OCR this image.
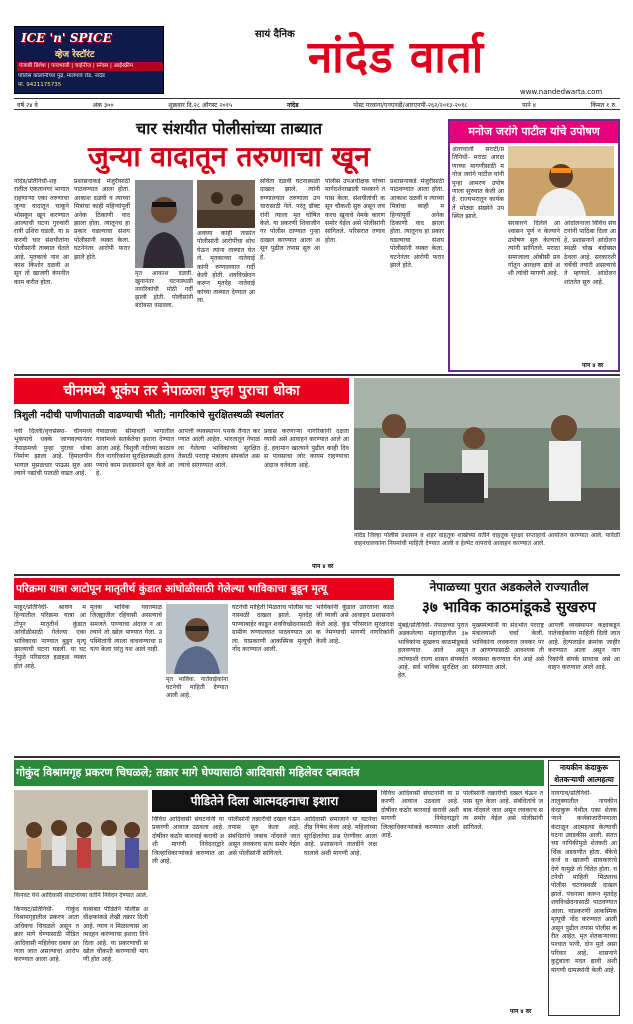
ICE 'n' SPICE
व्हेज रेस्टॉरंट
पंजाबी डिशेश | पावभाजी | चाईनीज | स्नॅक्स | आईस्क्रीम
पोलिस कॉलोनीच्या पुढे, मालेगाव रोड, नांदेड
मो. 9421175735
सायं दैनिक नांदेड वार्ता
www.nandedwarta.com
वर्ष २४ वे	अंक ३००	शुक्रवार दि.२८ ऑगस्ट २०१५	नांदेड	पोस्ट परवाना/एनएनडी/आरएनपी-२६२/२०१३-२०१८	पाने ४	किंमत १ रु.
चार संशयीत पोलीसांच्या ताब्यात
जुन्या वादातून तरुणाचा खून
नांदेड/प्रतिनिधी-शहरातील एकतानगर भागात राहणाऱ्या एका तरुणाचा जुन्या वादातून चाकूने भोसकून खून करण्यात आल्याची घटना गुरुवारी रात्री उशिरा घडली. या प्रकरणी चार संशयीतांना पोलीसांनी ताब्यात घेतले आहे. मृतकाचे नाव आकाश किशोर दळवी असून तो खाजगी कंपनीत काम करीत होता.
प्रशासनाकडे मंजुरीसाठी पाठवण्यात आला होता. आकाश दळवी व त्याच्या मित्रांचा काही महिन्यांपूर्वी अनेक ठिकाणी वाद झाला होता. त्यातूनच हा प्रकार घडल्याचा संशय पोलीसांनी व्यक्त केला. घटनेनंतर आरोपी फरार झाले होते.
मृत आकाश दळवी. खुनानंतर घटनास्थळी नागरिकांची मोठी गर्दी झाली होती. पोलीसांनी बंदोबस्त वाढवला.
अवघ्या काही तासांत पोलीसांनी आरोपींचा शोध घेऊन त्यांना ताब्यात घेतले. मृतकाच्या नातेवाईकांनी रुग्णालयात गर्दी केली होती. शवविच्छेदन करून मृतदेह नातेवाईकांच्या ताब्यात देण्यात आला.
सविता दळवी घटनास्थळी दाखल झाले. त्यांनी रुग्णालयात तरुणाला उपचारासाठी नेले. परंतु डॉक्टरांनी त्याला मृत घोषित केले. या प्रकरणी शिवाजीनगर पोलीस ठाण्यात गुन्हा दाखल करण्यात आला असून पुढील तपास सुरु आहे.
पोलीस उपअधीक्षक यांच्या मार्गदर्शनाखाली पथकाने तपास केला. संशयीतांची कसून चौकशी सुरु असून लवकरच खुनाचे नेमके कारण समोर येईल असे पोलीसांनी सांगितले. परिसरात तणाव होता.
प्रशासनाकडे मंजुरीसाठी पाठवण्यात आला होता. आकाश दळवी व त्याच्या मित्रांचा काही महिन्यांपूर्वी अनेक ठिकाणी वाद झाला होता. त्यातूनच हा प्रकार घडल्याचा संशय पोलीसांनी व्यक्त केला. घटनेनंतर आरोपी फरार झाले होते.
मनोज जरांगे पाटील यांचे उपोषण
अंतरवाली सराटी/प्रतिनिधी- मराठा आरक्षणाच्या मागणीसाठी मनोज जरांगे पाटील यांनी पुन्हा आमरण उपोषणाला सुरुवात केली आहे. राज्यभरातून कार्यकर्ते मोठ्या संख्येने उपस्थित झाले.
सरकारने दिलेले आश्वासन पूर्ण न केल्याने उपोषण सुरु केल्याचे त्यांनी सांगितले. मराठा समाजाला ओबीसी प्रवर्गातून आरक्षण द्यावे अशी त्यांची मागणी आहे.
आंदोलनाला विविध संघटनांनी पाठिंबा दिला आहे. प्रशासनाने आंदोलनस्थळी चोख बंदोबस्त ठेवला आहे. सरकारशी चर्चेची तयारी असल्याचे ते म्हणाले. आंदोलन शांततेत सुरु आहे.
पान ४ वर
चीनमध्ये भूकंप तर नेपाळला पुन्हा पुराचा धोका
त्रिशुली नदीची पाणीपातळी वाढण्याची भीती; नागरिकांचे सुरक्षितस्थळी स्थलांतर
नवी दिल्ली/वृत्तसंस्था- चीनमध्ये भूकंपाचे धक्के जाणवल्यानंतर नेपाळमध्ये पुन्हा पुराचा धोका निर्माण झाला आहे. हिमालयीन भागात मुसळधार पाऊस सुरु असल्याने नद्यांची पातळी वाढत आहे.
नेपाळच्या सीमावर्ती भागातील गावांमध्ये सतर्कतेचा इशारा देण्यात आला आहे. त्रिशुली नदीच्या काठावरील नागरिकांना सुरक्षितस्थळी हलवण्याचे काम प्रशासनाने सुरु केले आहे.
आपत्ती व्यवस्थापन पथके तैनात करण्यात आली आहेत. भारतातून नेपाळला गेलेल्या भाविकांच्या सुरक्षिततेसाठी परराष्ट्र मंत्रालय संपर्कात असल्याचे सांगण्यात आले.
प्रवास करणाऱ्या नागरिकांनी दक्षता घ्यावी असे आवाहन करण्यात आले आहे. हवामान खात्याने पुढील काही दिवस पावसाचा जोर कायम राहण्याचा अंदाज वर्तवला आहे.
पान ४ वर
नांदेड जिल्हा पोलीस प्रशासन व शहर वाहतूक शाखेच्या वतीने वाहतूक सुरक्षा सप्ताहाचे आयोजन करण्यात आले. यावेळी वाहनचालकांना नियमांची माहिती देण्यात आली व हेल्मेट वापराचे आवाहन करण्यात आले.
परिक्रमा यात्रा आटोपून मातृतीर्थ कुंडात आंघोळीसाठी गेलेल्या भाविकाचा बुडून मृत्यू
माहूर/प्रतिनिधी- श्रावण महिन्यातील परिक्रमा यात्रा आटोपून मातृतीर्थ कुंडात आंघोळीसाठी गेलेल्या एका भाविकाचा पाण्यात बुडून मृत्यू झाल्याची घटना घडली. या घटनेमुळे परिसरात हळहळ व्यक्त होत आहे.
मृतक भाविक यवतमाळ जिल्ह्यातील रहिवासी असल्याचे समजते. पाण्याचा अंदाज न आल्याने तो खोल पाण्यात गेला. उपस्थितांनी त्याला वाचवण्याचा प्रयत्न केला परंतु यश आले नाही.
मृत भाविक. नातेवाईकांना घटनेची माहिती देण्यात आली आहे.
घटनेची माहिती मिळताच पोलीस घटनास्थळी दाखल झाले. मृतदेह पाण्याबाहेर काढून शवविच्छेदनासाठी ग्रामीण रुग्णालयात पाठवण्यात आला. याप्रकरणी आकस्मिक मृत्यूची नोंद करण्यात आली.
भाविकांनी कुंडात उतरताना काळजी घ्यावी असे आवाहन प्रशासनाने केले आहे. कुंड परिसरात सुरक्षारक्षक नेमण्याची मागणी नागरिकांनी केली आहे.
नेपाळच्या पुरात अडकलेले राज्यातील
३७ भाविक काठमांडूकडे सुखरुप
मुंबई/प्रतिनिधी- नेपाळच्या पुरात अडकलेल्या महाराष्ट्रातील ३७ भाविकांना सुखरुप काठमांडूकडे हलवण्यात आले असून त्यांच्याशी राज्य शासन संपर्कात आहे. सर्व भाविक सुरक्षित आहेत.
मुख्यमंत्र्यांनी या संदर्भात परराष्ट्र मंत्रालयाशी चर्चा केली. भाविकांना लवकरात लवकर परत आणण्यासाठी आवश्यक ती व्यवस्था करण्यात येत आहे असे सांगण्यात आले.
आपत्ती व्यवस्थापन कक्षाकडून नातेवाईकांना माहिती दिली जात आहे. हेल्पलाईन क्रमांक जाहीर करण्यात आला असून नागरिकांनी संपर्क साधावा असे आवाहन करण्यात आले आहे.
गोकुंद विश्रामगृह प्रकरण चिघळले; तक्रार मागे घेण्यासाठी आदिवासी महिलेवर दबावतंत्र
किनवट येथे आदिवासी संघटनांच्या वतीने निवेदन देण्यात आले.
पीडितेने दिला आत्मदहनाचा इशारा
किनवट/प्रतिनिधी- गोकुंद विश्रामगृहातील प्रकरण आता अधिकच चिघळले असून तक्रार मागे घेण्यासाठी पीडित आदिवासी महिलेवर दबाव आणला जात असल्याचा आरोप करण्यात आला आहे.
याबाबत पीडितेने पोलीस अधीक्षकांकडे लेखी तक्रार दिली आहे. न्याय न मिळाल्यास आत्मदहन करण्याचा इशारा तिने दिला आहे. या प्रकरणाची सखोल चौकशी करण्याची मागणी होत आहे.
विविध आदिवासी संघटनांनी या प्रकरणी आवाज उठवला आहे. दोषींवर कठोर कारवाई करावी अशी मागणी निवेदनाद्वारे जिल्हाधिकाऱ्यांकडे करण्यात आली आहे.
पोलीसांनी तक्रारीची दखल घेऊन तपास सुरु केला आहे. संबंधितांचे जबाब नोंदवले जात असून लवकरच सत्य समोर येईल असे पोलीसांनी सांगितले.
आदिवासी समाजाने या घटनेचा तीव्र निषेध केला आहे. महिलांच्या सुरक्षिततेचा प्रश्न ऐरणीवर आला आहे. प्रशासनाने तातडीने लक्ष घालावे अशी मागणी आहे.
विविध आदिवासी संघटनांनी या प्रकरणी आवाज उठवला आहे. दोषींवर कठोर कारवाई करावी अशी मागणी निवेदनाद्वारे जिल्हाधिकाऱ्यांकडे करण्यात आली आहे.
पोलीसांनी तक्रारीची दखल घेऊन तपास सुरु केला आहे. संबंधितांचे जबाब नोंदवले जात असून लवकरच सत्य समोर येईल असे पोलीसांनी सांगितले.
पान ४ वर
नायकीन कंदाकुरू शेतकऱ्याची आत्महत्या
नायगाव/प्रतिनिधी- तालुक्यातील नायकीन कंदाकुरू येथील एका शेतकऱ्याने कर्जबाजारीपणाला कंटाळून आत्महत्या केल्याची घटना उघडकीस आली. सततच्या नापिकीमुळे शेतकरी आर्थिक अडचणीत होता. बँकेचे कर्ज व खाजगी सावकाराचे देणे यामुळे तो चिंतेत होता. घटनेची माहिती मिळताच पोलीस घटनास्थळी दाखल झाले. पंचनामा करून मृतदेह शवविच्छेदनासाठी पाठवण्यात आला. याप्रकरणी आकस्मिक मृत्यूची नोंद करण्यात आली असून पुढील तपास पोलीस करीत आहेत. मृत शेतकऱ्याच्या पश्चात पत्नी, दोन मुले असा परिवार आहे. शासनाने कुटुंबाला मदत द्यावी अशी मागणी ग्रामस्थांनी केली आहे.
